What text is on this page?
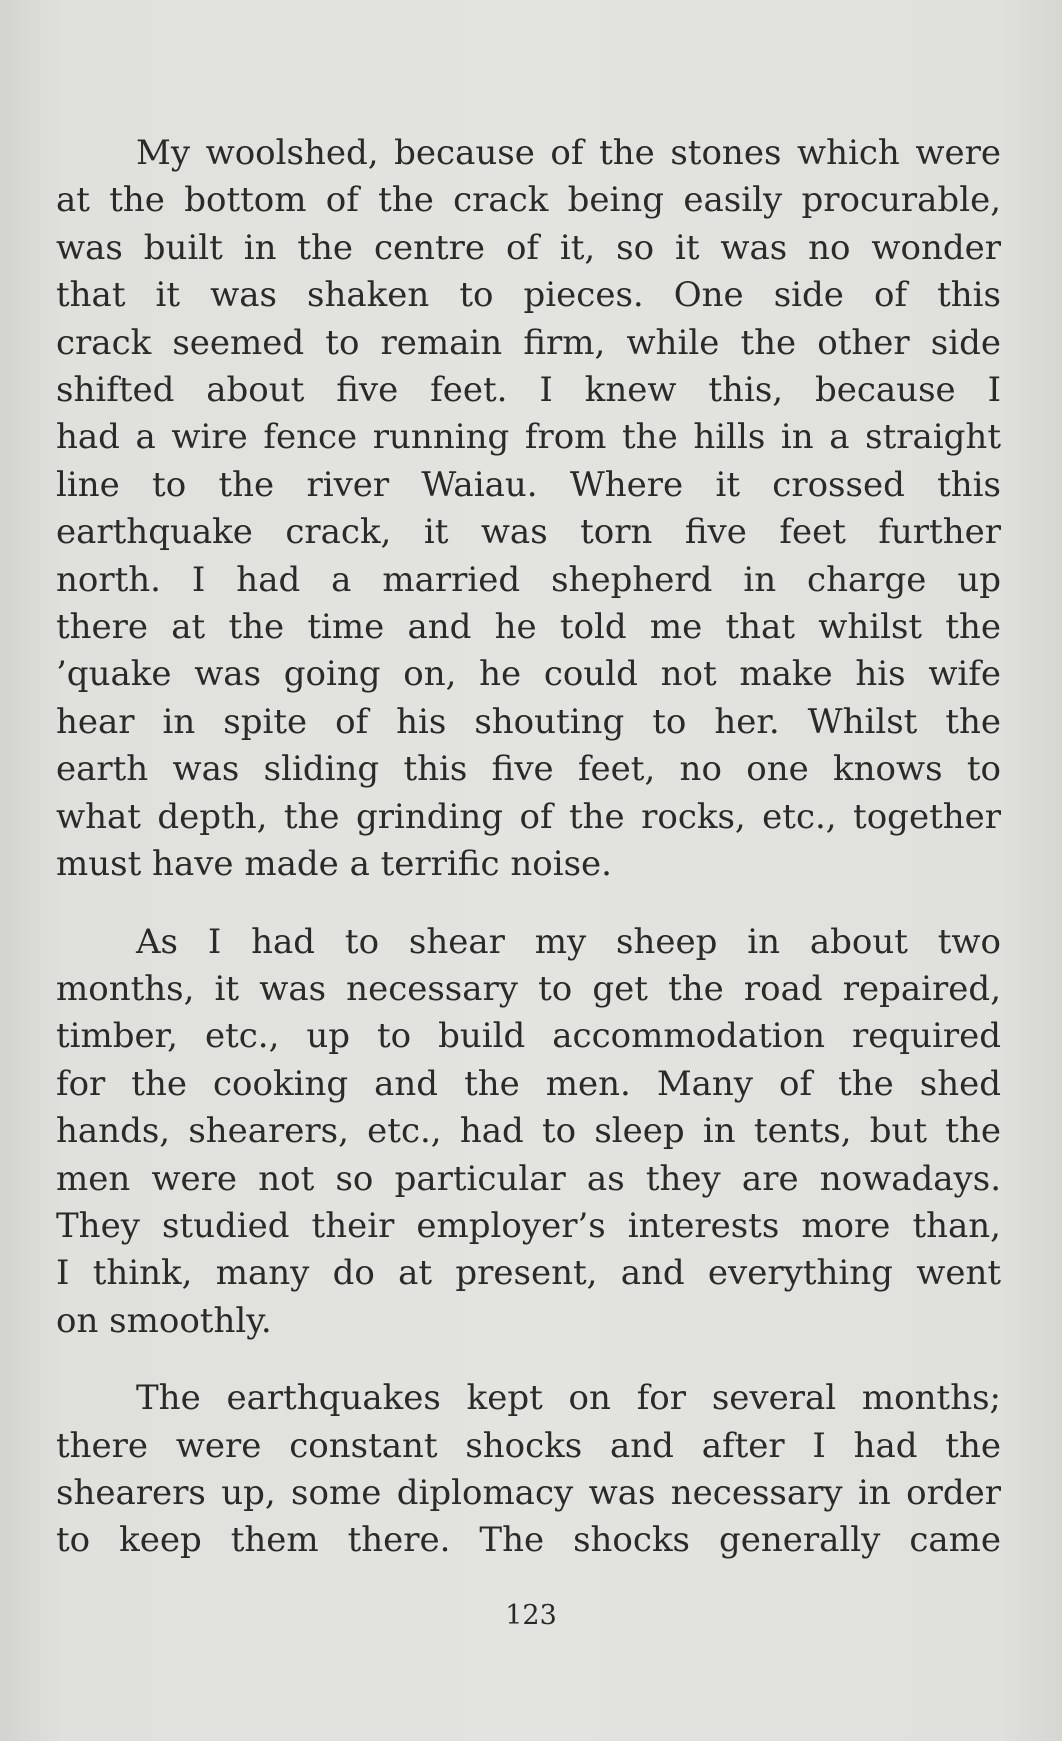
My woolshed, because of the stones which were
at the bottom of the crack being easily procurable,
was built in the centre of it, so it was no wonder
that it was shaken to pieces. One side of this
crack seemed to remain firm, while the other side
shifted about five feet. I knew this, because I
had a wire fence running from the hills in a straight
line to the river Waiau. Where it crossed this
earthquake crack, it was torn five feet further
north. I had a married shepherd in charge up
there at the time and he told me that whilst the
’quake was going on, he could not make his wife
hear in spite of his shouting to her. Whilst the
earth was sliding this five feet, no one knows to
what depth, the grinding of the rocks, etc., together
must have made a terrific noise.

As I had to shear my sheep in about two
months, it was necessary to get the road repaired,
timber, etc., up to build accommodation required
for the cooking and the men. Many of the shed
hands, shearers, etc., had to sleep in tents, but the
men were not so particular as they are nowadays.
They studied their employer’s interests more than,
I think, many do at present, and everything went
on smoothly.

The earthquakes kept on for several months;
there were constant shocks and after I had the
shearers up, some diplomacy was necessary in order
to keep them there. The shocks generally came

123
